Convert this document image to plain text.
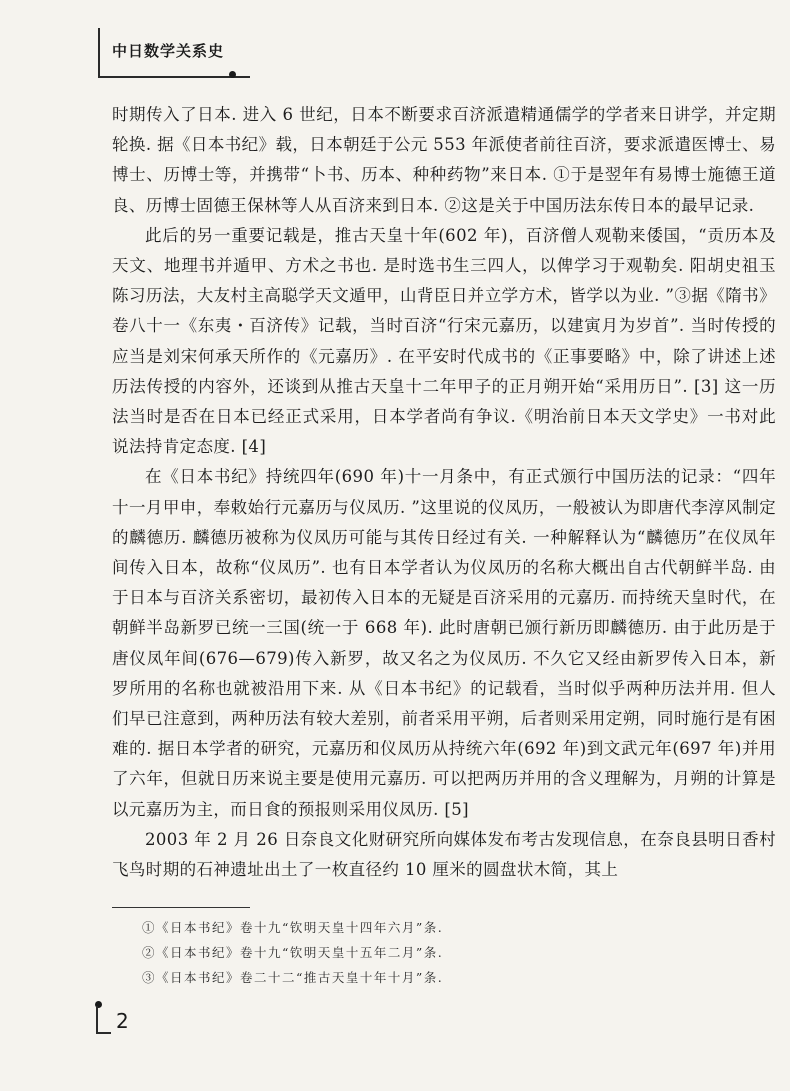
中日数学关系史

时期传入了日本. 进入 6 世纪，日本不断要求百济派遣精通儒学的学者来日讲学，并定期轮换. 据《日本书纪》载，日本朝廷于公元 553 年派使者前往百济，要求派遣医博士、易博士、历博士等，并携带“卜书、历本、种种药物”来日本. ①于是翌年有易博士施德王道良、历博士固德王保林等人从百济来到日本. ②这是关于中国历法东传日本的最早记录.

此后的另一重要记载是，推古天皇十年(602 年)，百济僧人观勒来倭国，“贡历本及天文、地理书并遁甲、方术之书也. 是时选书生三四人，以俾学习于观勒矣. 阳胡史祖玉陈习历法，大友村主高聪学天文遁甲，山背臣日并立学方术，皆学以为业. ”③据《隋书》卷八十一《东夷・百济传》记载，当时百济“行宋元嘉历，以建寅月为岁首”. 当时传授的应当是刘宋何承天所作的《元嘉历》. 在平安时代成书的《正事要略》中，除了讲述上述历法传授的内容外，还谈到从推古天皇十二年甲子的正月朔开始“采用历日”. [3] 这一历法当时是否在日本已经正式采用，日本学者尚有争议.《明治前日本天文学史》一书对此说法持肯定态度. [4]

在《日本书纪》持统四年(690 年)十一月条中，有正式颁行中国历法的记录：“四年十一月甲申，奉敕始行元嘉历与仪凤历. ”这里说的仪凤历，一般被认为即唐代李淳风制定的麟德历. 麟德历被称为仪凤历可能与其传日经过有关. 一种解释认为“麟德历”在仪凤年间传入日本，故称“仪凤历”. 也有日本学者认为仪凤历的名称大概出自古代朝鲜半岛. 由于日本与百济关系密切，最初传入日本的无疑是百济采用的元嘉历. 而持统天皇时代，在朝鲜半岛新罗已统一三国(统一于 668 年). 此时唐朝已颁行新历即麟德历. 由于此历是于唐仪凤年间(676—679)传入新罗，故又名之为仪凤历. 不久它又经由新罗传入日本，新罗所用的名称也就被沿用下来. 从《日本书纪》的记载看，当时似乎两种历法并用. 但人们早已注意到，两种历法有较大差别，前者采用平朔，后者则采用定朔，同时施行是有困难的. 据日本学者的研究，元嘉历和仪凤历从持统六年(692 年)到文武元年(697 年)并用了六年，但就日历来说主要是使用元嘉历. 可以把两历并用的含义理解为，月朔的计算是以元嘉历为主，而日食的预报则采用仪凤历. [5]

2003 年 2 月 26 日奈良文化财研究所向媒体发布考古发现信息，在奈良县明日香村飞鸟时期的石神遗址出土了一枚直径约 10 厘米的圆盘状木简，其上

①《日本书纪》卷十九“钦明天皇十四年六月”条.

②《日本书纪》卷十九“钦明天皇十五年二月”条.

③《日本书纪》卷二十二“推古天皇十年十月”条.

2
